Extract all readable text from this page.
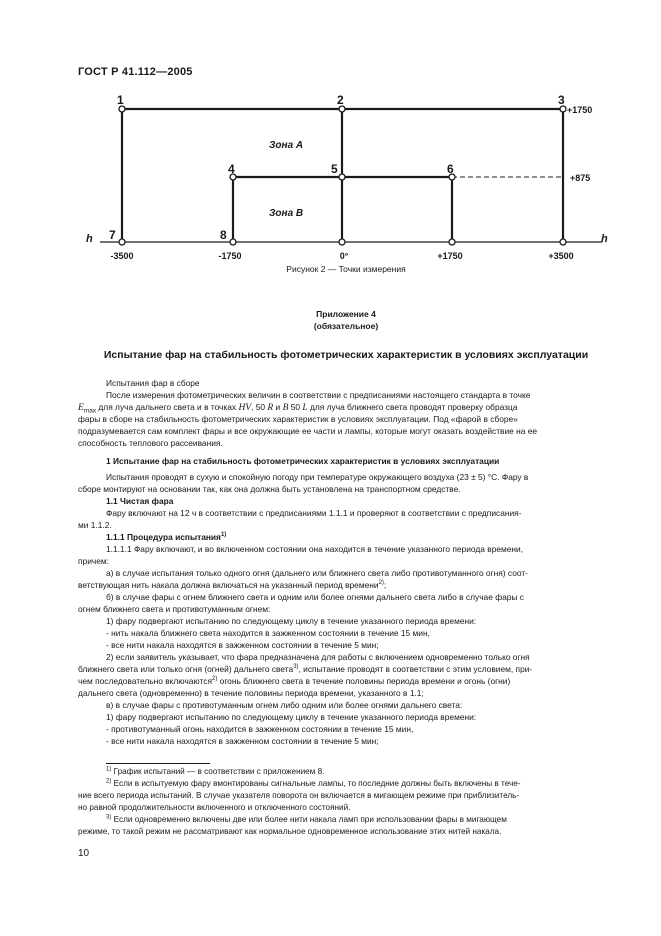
ГОСТ Р 41.112—2005
1	2	3
4	5	6
7	8
Зона A
Зона B
h	h
+1750
+875
-3500	-1750	0°	+1750	+3500
Рисунок 2 — Точки измерения
Приложение 4
(обязательное)
Испытание фар на стабильность фотометрических характеристик в условиях эксплуатации
Испытания фар в сборе
После измерения фотометрических величин в соответствии с предписаниями настоящего стандарта в точке
$E_{max}$ для луча дальнего света и в точках HV, 50 R и B 50 L для луча ближнего света проводят проверку образца
фары в сборе на стабильность фотометрических характеристик в условиях эксплуатации. Под «фарой в сборе»
подразумевается сам комплект фары и все окружающие ее части и лампы, которые могут оказать воздействие на ее
способность теплового рассеивания.
1 Испытание фар на стабильность фотометрических характеристик в условиях эксплуатации
Испытания проводят в сухую и спокойную погоду при температуре окружающего воздуха (23 ± 5) °С. Фару в
сборе монтируют на основании так, как она должна быть установлена на транспортном средстве.
1.1 Чистая фара
Фару включают на 12 ч в соответствии с предписаниями 1.1.1 и проверяют в соответствии с предписания-
ми 1.1.2.
1.1.1 Процедура испытания$^{1)}$
1.1.1.1 Фару включают, и во включенном состоянии она находится в течение указанного периода времени,
причем:
а) в случае испытания только одного огня (дальнего или ближнего света либо противотуманного огня) соот-
ветствующая нить накала должна включаться на указанный период времени$^{2)}$;
б) в случае фары с огнем ближнего света и одним или более огнями дальнего света либо в случае фары с
огнем ближнего света и противотуманным огнем:
1) фару подвергают испытанию по следующему циклу в течение указанного периода времени:
- нить накала ближнего света находится в зажженном состоянии в течение 15 мин,
- все нити накала находятся в зажженном состоянии в течение 5 мин;
2) если заявитель указывает, что фара предназначена для работы с включением одновременно только огня
ближнего света или только огня (огней) дальнего света$^{3)}$, испытание проводят в соответствии с этим условием, при-
чем последовательно включаются$^{2)}$ огонь ближнего света в течение половины периода времени и огонь (огни)
дальнего света (одновременно) в течение половины периода времени, указанного в 1.1;
в) в случае фары с противотуманным огнем либо одним или более огнями дальнего света:
1) фару подвергают испытанию по следующему циклу в течение указанного периода времени:
- противотуманный огонь находится в зажженном состоянии в течение 15 мин,
- все нити накала находятся в зажженном состоянии в течение 5 мин;
$^{1)}$ График испытаний — в соответствии с приложением 8.
$^{2)}$ Если в испытуемую фару вмонтированы сигнальные лампы, то последние должны быть включены в тече-
ние всего периода испытаний. В случае указателя поворота он включается в мигающем режиме при приблизитель-
но равной продолжительности включенного и отключенного состояний.
$^{3)}$ Если одновременно включены две или более нити накала ламп при использовании фары в мигающем
режиме, то такой режим не рассматривают как нормальное одновременное использование этих нитей накала.
10
